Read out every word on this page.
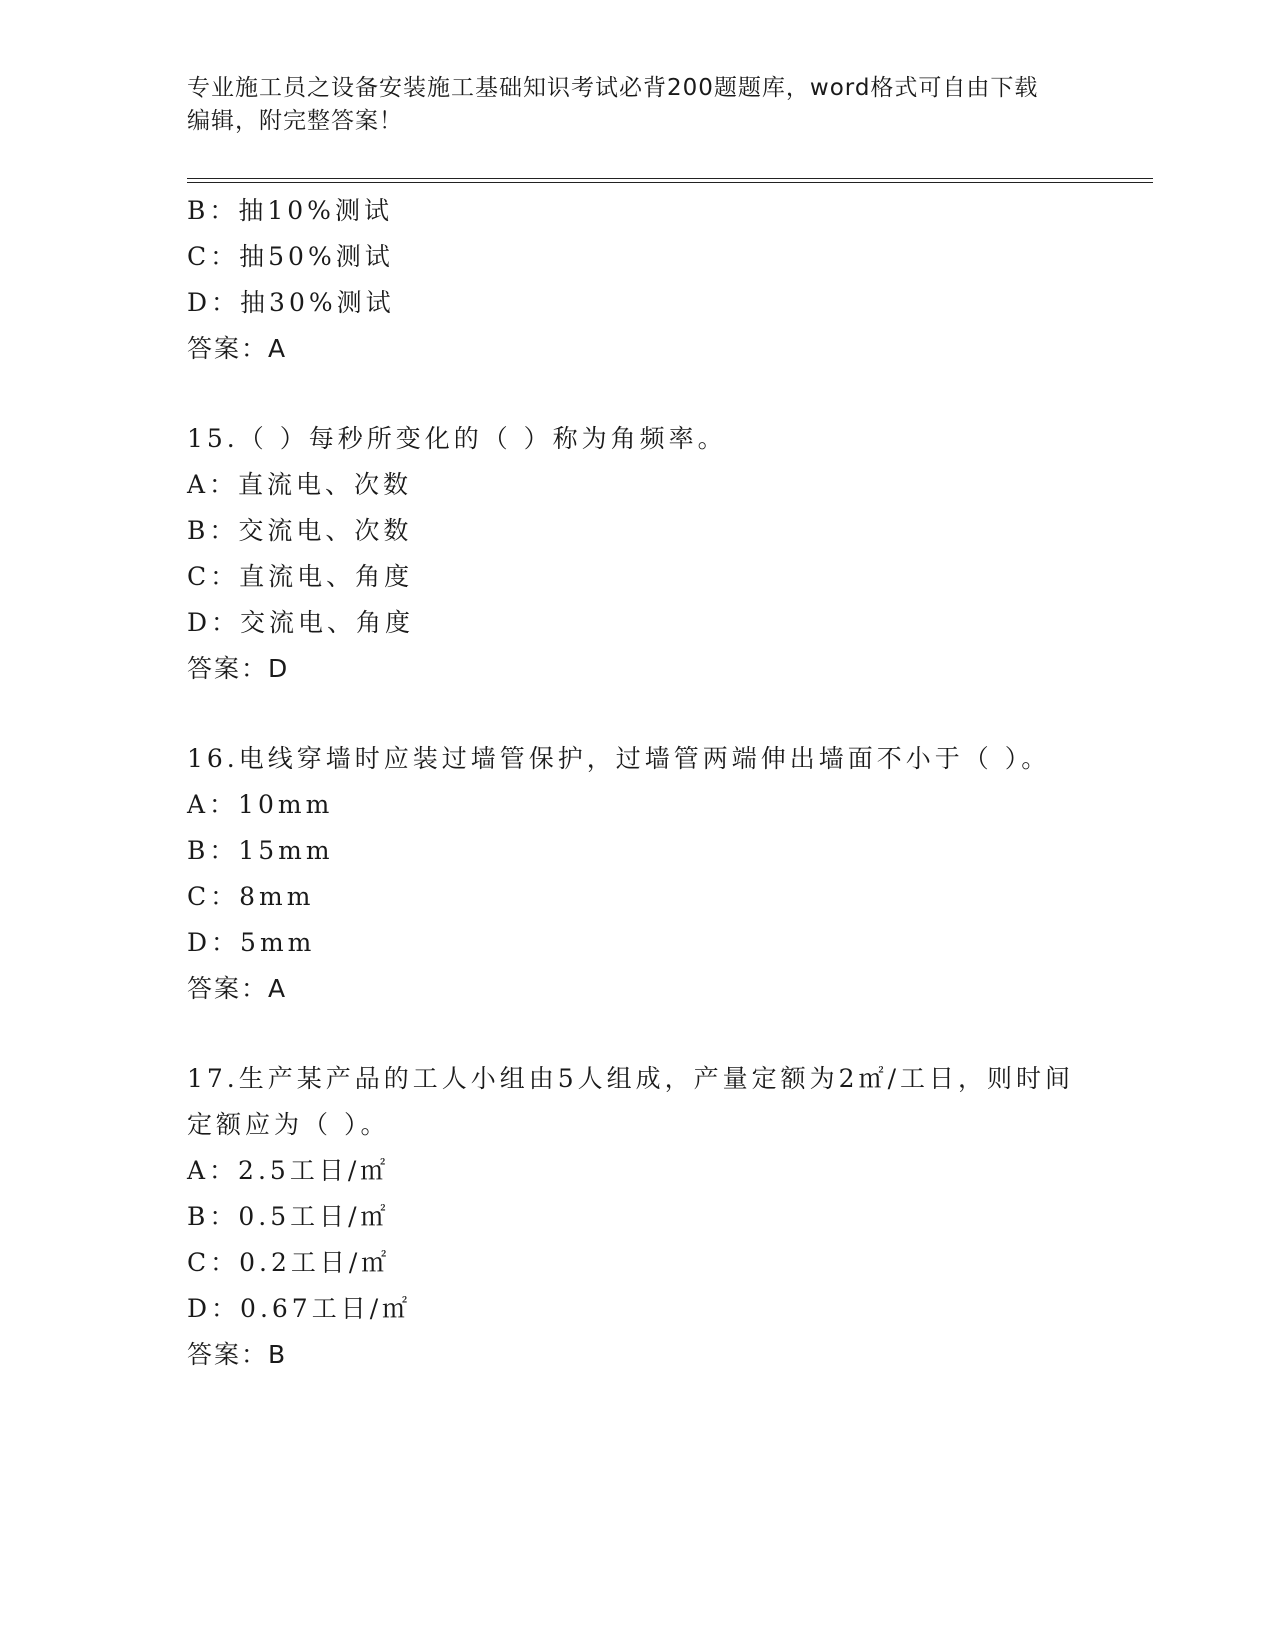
专业施工员之设备安装施工基础知识考试必背200题题库，word格式可自由下载
编辑，附完整答案！
B：抽10%测试
C：抽50%测试
D：抽30%测试
答案：A
15.（ ）每秒所变化的（ ）称为角频率。
A：直流电、次数
B：交流电、次数
C：直流电、角度
D：交流电、角度
答案：D
16.电线穿墙时应装过墙管保护，过墙管两端伸出墙面不小于（ ）。
A：10mm
B：15mm
C：8mm
D：5mm
答案：A
17.生产某产品的工人小组由5人组成，产量定额为2㎡/工日，则时间
定额应为（ ）。
A：2.5工日/㎡
B：0.5工日/㎡
C：0.2工日/㎡
D：0.67工日/㎡
答案：B
